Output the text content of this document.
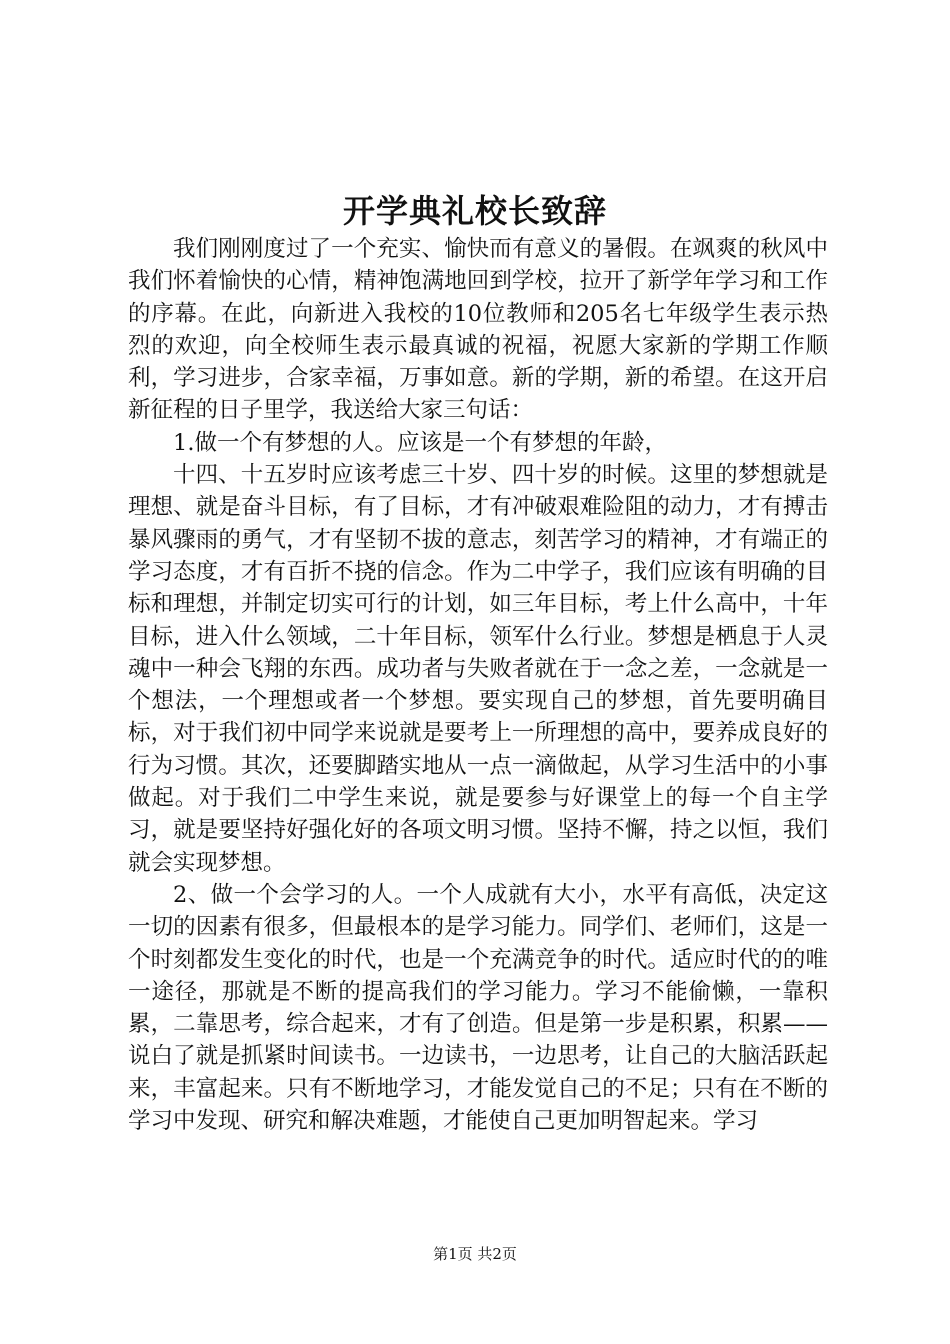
开学典礼校长致辞

我们刚刚度过了一个充实、愉快而有意义的暑假。在飒爽的秋风中我们怀着愉快的心情，精神饱满地回到学校，拉开了新学年学习和工作的序幕。在此，向新进入我校的10位教师和205名七年级学生表示热烈的欢迎，向全校师生表示最真诚的祝福，祝愿大家新的学期工作顺利，学习进步，合家幸福，万事如意。新的学期，新的希望。在这开启新征程的日子里学，我送给大家三句话：

1.做一个有梦想的人。应该是一个有梦想的年龄，

十四、十五岁时应该考虑三十岁、四十岁的时候。这里的梦想就是理想、就是奋斗目标，有了目标，才有冲破艰难险阻的动力，才有搏击暴风骤雨的勇气，才有坚韧不拔的意志，刻苦学习的精神，才有端正的学习态度，才有百折不挠的信念。作为二中学子，我们应该有明确的目标和理想，并制定切实可行的计划，如三年目标，考上什么高中，十年目标，进入什么领域，二十年目标，领军什么行业。梦想是栖息于人灵魂中一种会飞翔的东西。成功者与失败者就在于一念之差，一念就是一个想法，一个理想或者一个梦想。要实现自己的梦想，首先要明确目标，对于我们初中同学来说就是要考上一所理想的高中，要养成良好的行为习惯。其次，还要脚踏实地从一点一滴做起，从学习生活中的小事做起。对于我们二中学生来说，就是要参与好课堂上的每一个自主学习，就是要坚持好强化好的各项文明习惯。坚持不懈，持之以恒，我们就会实现梦想。

2、做一个会学习的人。一个人成就有大小，水平有高低，决定这一切的因素有很多，但最根本的是学习能力。同学们、老师们，这是一个时刻都发生变化的时代，也是一个充满竞争的时代。适应时代的的唯一途径，那就是不断的提高我们的学习能力。学习不能偷懒，一靠积累，二靠思考，综合起来，才有了创造。但是第一步是积累，积累——说白了就是抓紧时间读书。一边读书，一边思考，让自己的大脑活跃起来，丰富起来。只有不断地学习，才能发觉自己的不足；只有在不断的学习中发现、研究和解决难题，才能使自己更加明智起来。学习

第1页 共2页
